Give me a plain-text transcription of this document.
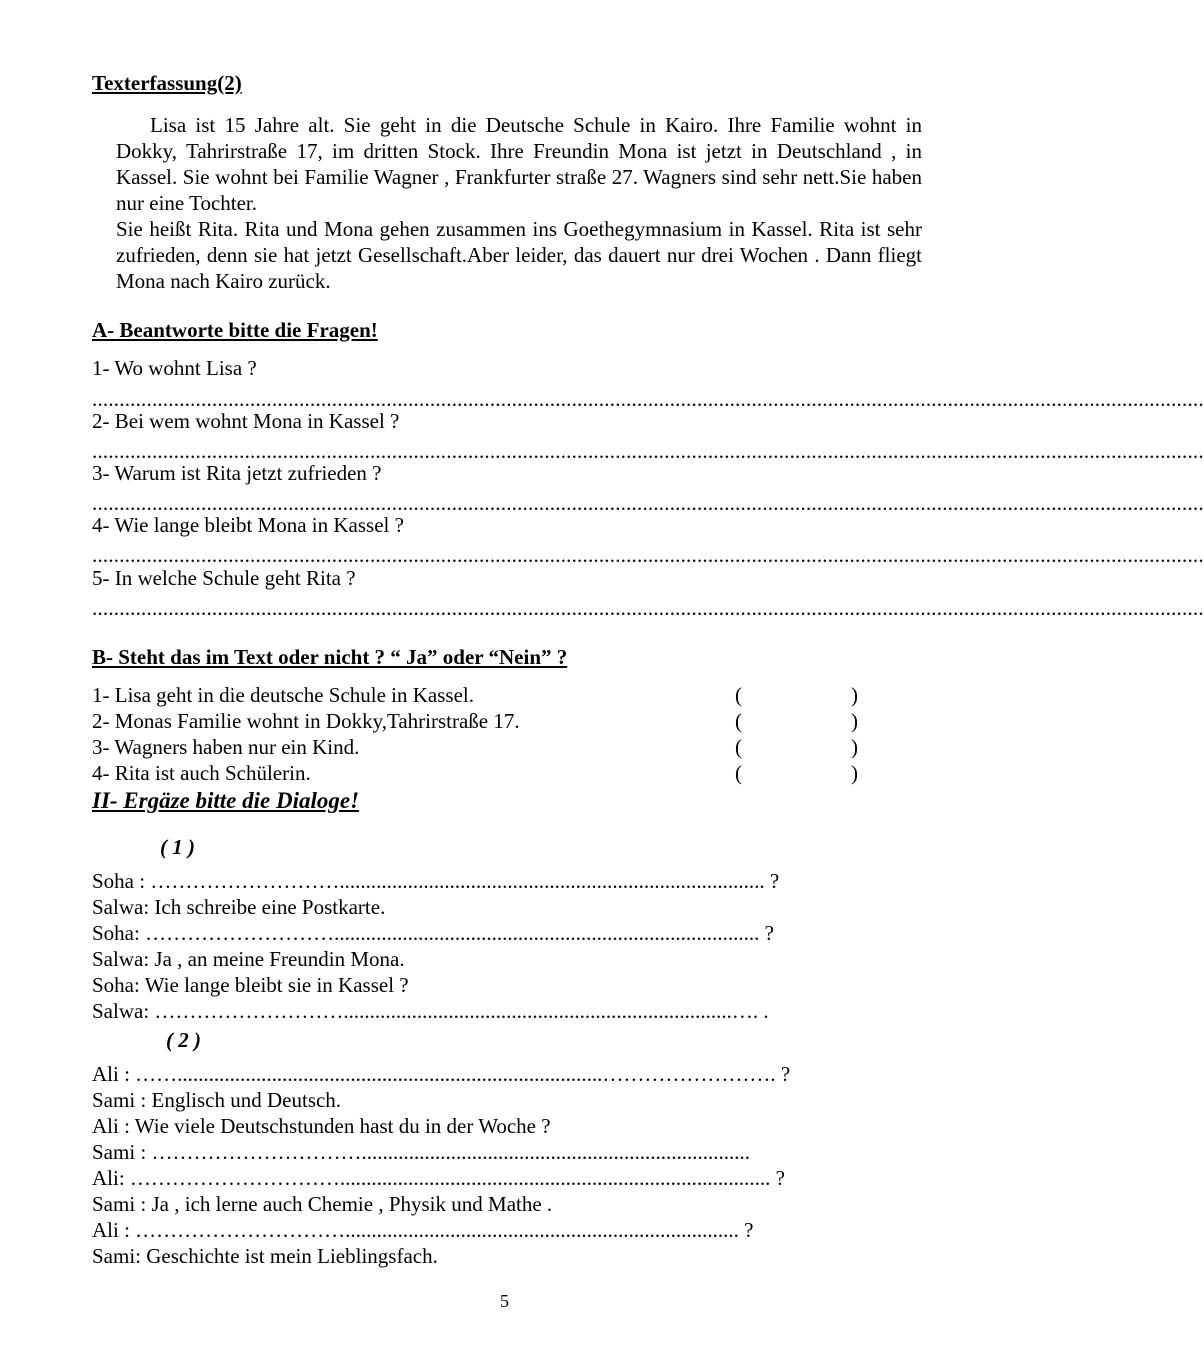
Texterfassung(2)
Lisa ist 15 Jahre alt. Sie geht in die Deutsche Schule in Kairo. Ihre Familie wohnt in Dokky, Tahrirstraße 17, im dritten Stock. Ihre Freundin Mona ist jetzt in Deutschland , in Kassel. Sie wohnt bei Familie Wagner , Frankfurter straße 27. Wagners sind sehr nett.Sie haben nur eine Tochter.
Sie heißt Rita. Rita und Mona gehen zusammen ins Goethegymnasium in Kassel. Rita ist sehr zufrieden, denn sie hat jetzt Gesellschaft.Aber leider, das dauert nur drei Wochen . Dann fliegt Mona nach Kairo zurück.
A- Beantworte bitte die Fragen!
1- Wo wohnt Lisa ?
............................................................................................................................................................................................................
2- Bei wem wohnt Mona in Kassel ?
............................................................................................................................................................................................................
3- Warum ist Rita jetzt zufrieden ?
............................................................................................................................................................................................................
4- Wie lange bleibt Mona in Kassel ?
............................................................................................................................................................................................................
5- In welche Schule geht Rita ?
............................................................................................................................................................................................................
B- Steht das im Text oder nicht ? “ Ja” oder “Nein” ?
1- Lisa geht in die deutsche Schule in Kassel.	(	)
2- Monas Familie wohnt in Dokky,Tahrirstraße 17.	(	)
3- Wagners haben nur ein Kind.	(	)
4- Rita ist auch Schülerin.	(	)
II- Ergäze bitte die Dialoge!
( 1 )
Soha : ………………………................................................................................. ?
Salwa: Ich schreibe eine Postkarte.
Soha: ………………………................................................................................. ?
Salwa: Ja , an meine Freundin Mona.
Soha: Wie lange bleibt sie in Kassel ?
Salwa: ………………………..........................................................................…. .
( 2 )
Ali : …….................................................................................……………………. ?
Sami : Englisch und Deutsch.
Ali : Wie viele Deutschstunden hast du in der Woche ?
Sami : …………………………..........................................................................
Ali: ………………………….................................................................................. ?
Sami : Ja , ich lerne auch Chemie , Physik und Mathe .
Ali : …………………………........................................................................... ?
Sami: Geschichte ist mein Lieblingsfach.
5
